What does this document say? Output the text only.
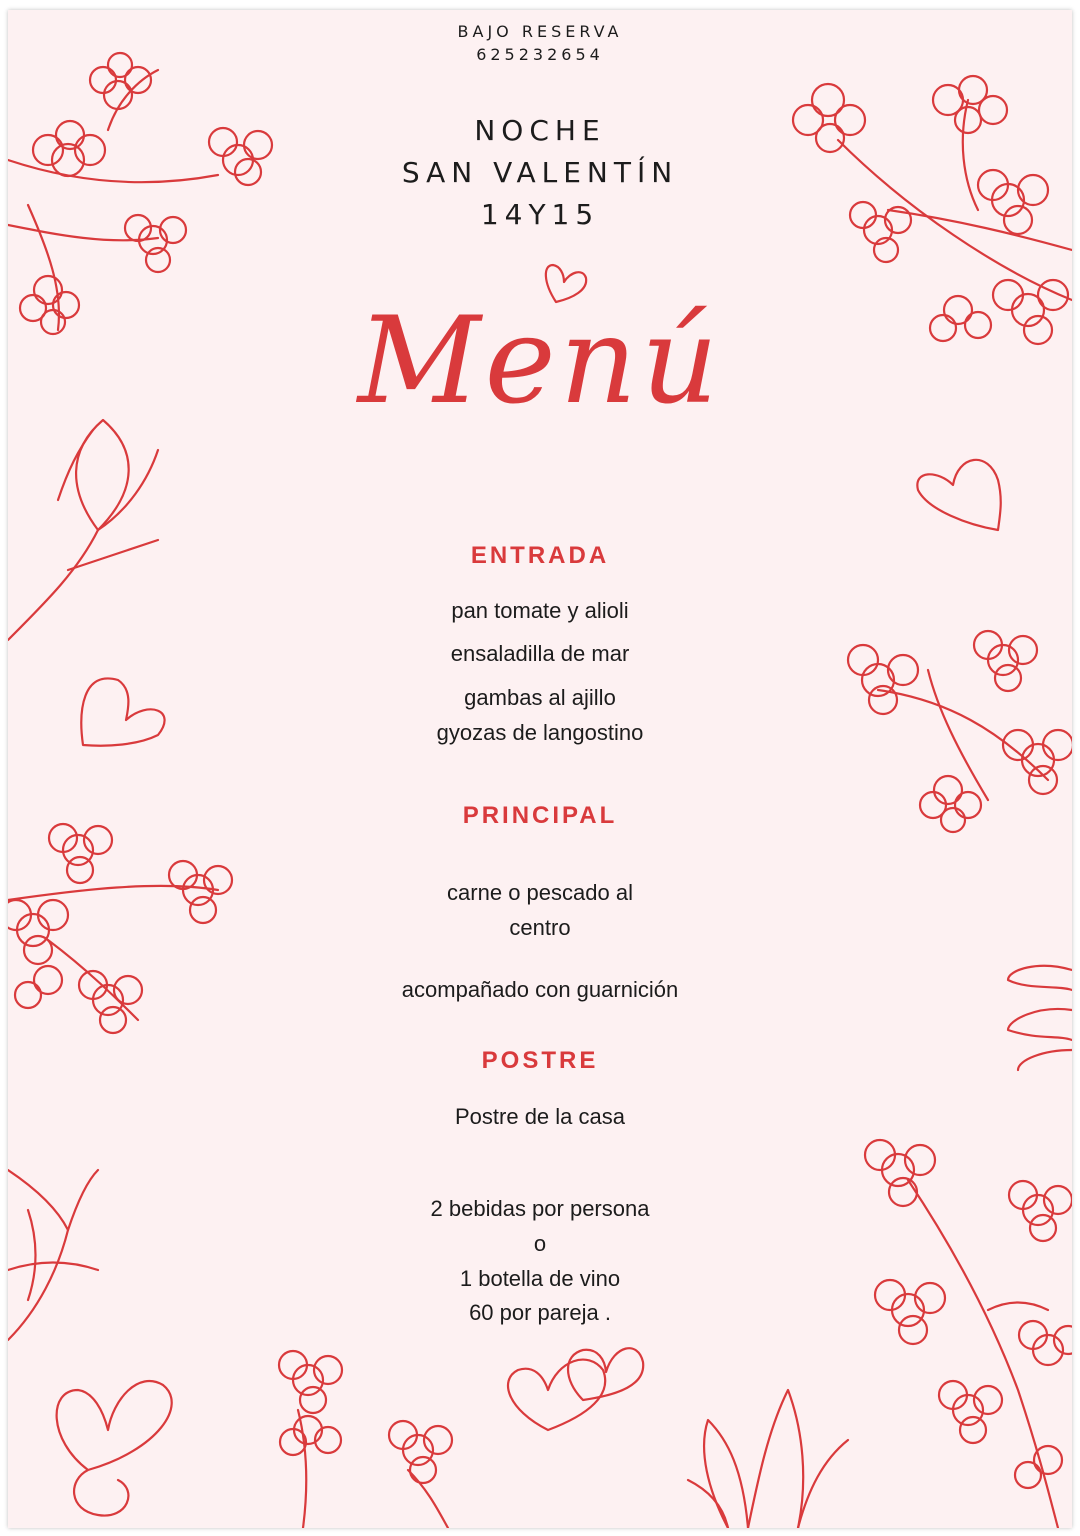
BAJO RESERVA
625232654
NOCHE
SAN VALENTÍN
14Y15
Menú
ENTRADA
pan tomate y alioli
ensaladilla de mar
gambas al ajillo
gyozas de langostino
PRINCIPAL
carne o pescado al
centro
acompañado con guarnición
POSTRE
Postre de la casa
2 bebidas por persona
o
1 botella de vino
60 por pareja .
